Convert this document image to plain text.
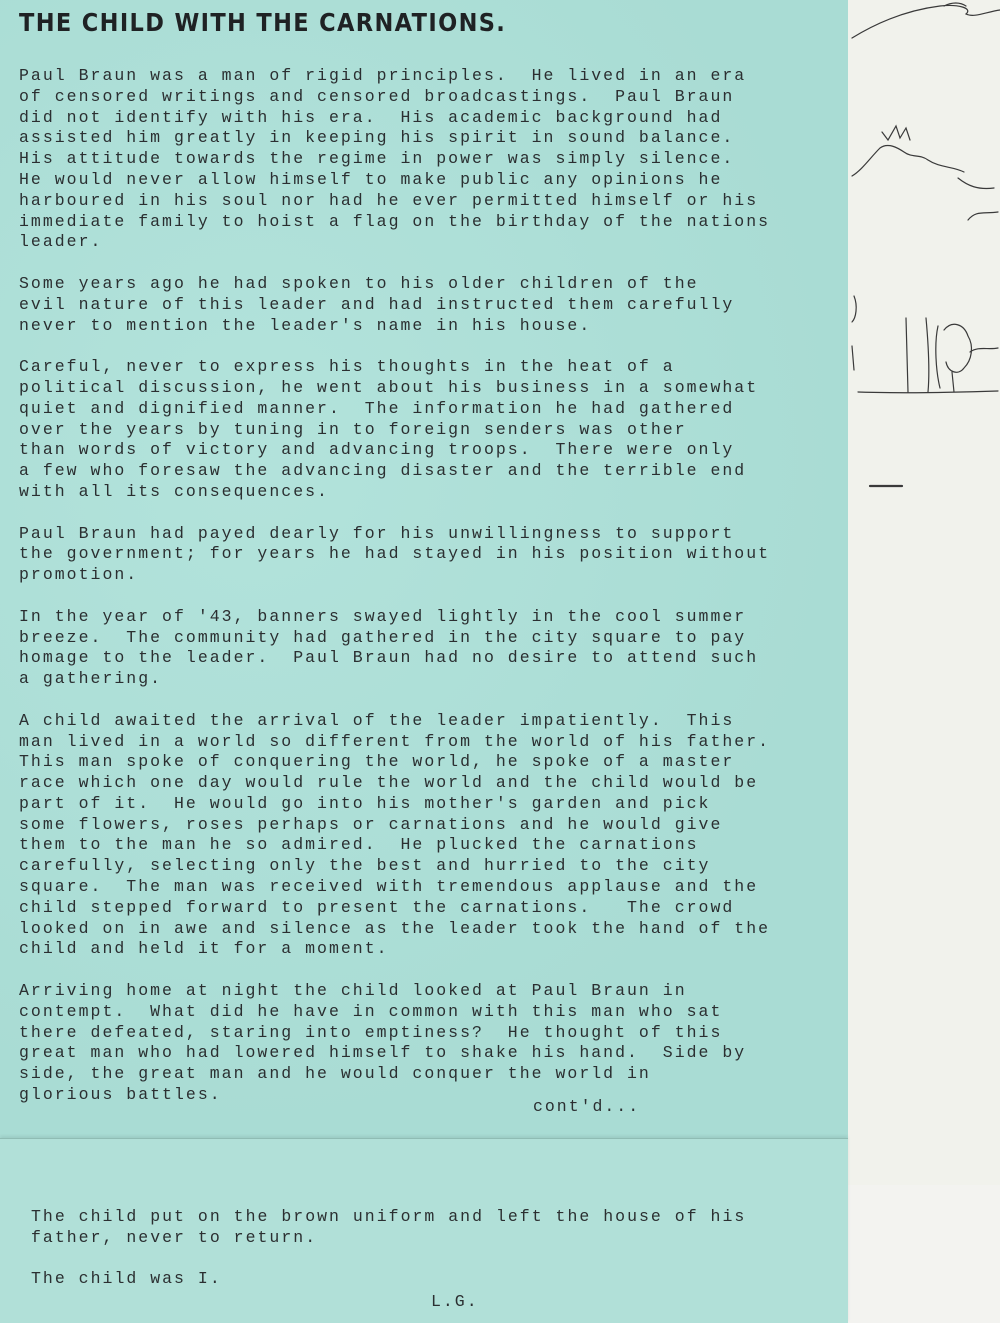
THE CHILD WITH THE CARNATIONS.

Paul Braun was a man of rigid principles.  He lived in an era
of censored writings and censored broadcastings.  Paul Braun
did not identify with his era.  His academic background had
assisted him greatly in keeping his spirit in sound balance.
His attitude towards the regime in power was simply silence.
He would never allow himself to make public any opinions he
harboured in his soul nor had he ever permitted himself or his
immediate family to hoist a flag on the birthday of the nations
leader.

Some years ago he had spoken to his older children of the
evil nature of this leader and had instructed them carefully
never to mention the leader's name in his house.

Careful, never to express his thoughts in the heat of a
political discussion, he went about his business in a somewhat
quiet and dignified manner.  The information he had gathered
over the years by tuning in to foreign senders was other
than words of victory and advancing troops.  There were only
a few who foresaw the advancing disaster and the terrible end
with all its consequences.

Paul Braun had payed dearly for his unwillingness to support
the government; for years he had stayed in his position without
promotion.

In the year of '43, banners swayed lightly in the cool summer
breeze.  The community had gathered in the city square to pay
homage to the leader.  Paul Braun had no desire to attend such
a gathering.

A child awaited the arrival of the leader impatiently.  This
man lived in a world so different from the world of his father.
This man spoke of conquering the world, he spoke of a master
race which one day would rule the world and the child would be
part of it.  He would go into his mother's garden and pick
some flowers, roses perhaps or carnations and he would give
them to the man he so admired.  He plucked the carnations
carefully, selecting only the best and hurried to the city
square.  The man was received with tremendous applause and the
child stepped forward to present the carnations.   The crowd
looked on in awe and silence as the leader took the hand of the
child and held it for a moment.

Arriving home at night the child looked at Paul Braun in
contempt.  What did he have in common with this man who sat
there defeated, staring into emptiness?  He thought of this
great man who had lowered himself to shake his hand.  Side by
side, the great man and he would conquer the world in
glorious battles.

cont'd...

The child put on the brown uniform and left the house of his
father, never to return.

The child was I.

L.G.
